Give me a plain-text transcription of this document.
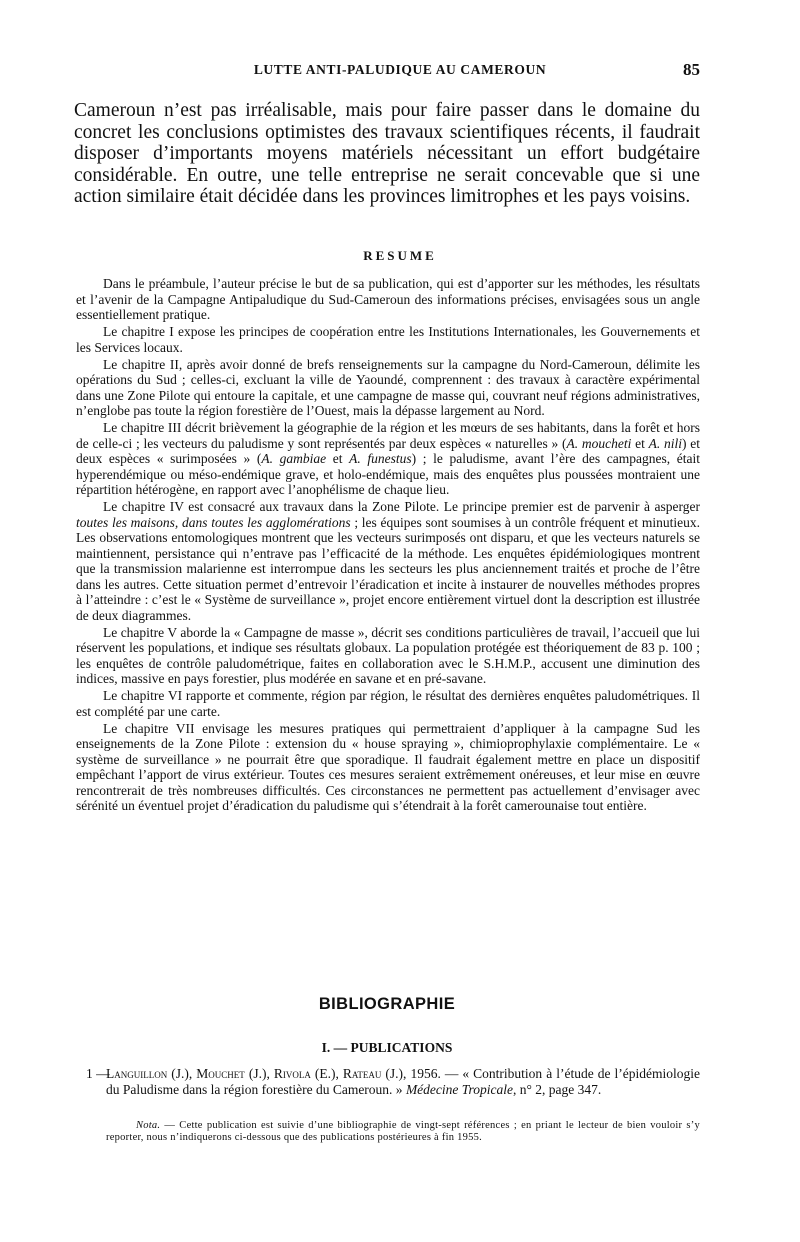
LUTTE ANTI-PALUDIQUE AU CAMEROUN	85

Cameroun n’est pas irréalisable, mais pour faire passer dans le domaine du concret les conclusions optimistes des travaux scientifiques récents, il faudrait disposer d’importants moyens matériels nécessitant un effort budgétaire considérable. En outre, une telle entreprise ne serait concevable que si une action similaire était décidée dans les provinces limitrophes et les pays voisins.

RESUME

Dans le préambule, l’auteur précise le but de sa publication, qui est d’apporter sur les méthodes, les résultats et l’avenir de la Campagne Antipaludique du Sud-Cameroun des informations précises, envisagées sous un angle essentiellement pratique.

Le chapitre I expose les principes de coopération entre les Institutions Internationales, les Gouvernements et les Services locaux.

Le chapitre II, après avoir donné de brefs renseignements sur la campagne du Nord-Cameroun, délimite les opérations du Sud ; celles-ci, excluant la ville de Yaoundé, comprennent : des travaux à caractère expérimental dans une Zone Pilote qui entoure la capitale, et une campagne de masse qui, couvrant neuf régions administratives, n’englobe pas toute la région forestière de l’Ouest, mais la dépasse largement au Nord.

Le chapitre III décrit brièvement la géographie de la région et les mœurs de ses habitants, dans la forêt et hors de celle-ci ; les vecteurs du paludisme y sont représentés par deux espèces « naturelles » (A. moucheti et A. nili) et deux espèces « surimposées » (A. gambiae et A. funestus) ; le paludisme, avant l’ère des campagnes, était hyperendémique ou méso-endémique grave, et holo-endémique, mais des enquêtes plus poussées montraient une répartition hétérogène, en rapport avec l’anophélisme de chaque lieu.

Le chapitre IV est consacré aux travaux dans la Zone Pilote. Le principe premier est de parvenir à asperger toutes les maisons, dans toutes les agglomérations ; les équipes sont soumises à un contrôle fréquent et minutieux. Les observations entomologiques montrent que les vecteurs surimposés ont disparu, et que les vecteurs naturels se maintiennent, persistance qui n’entrave pas l’efficacité de la méthode. Les enquêtes épidémiologiques montrent que la transmission malarienne est interrompue dans les secteurs les plus anciennement traités et proche de l’être dans les autres. Cette situation permet d’entrevoir l’éradication et incite à instaurer de nouvelles méthodes propres à l’atteindre : c’est le « Système de surveillance », projet encore entièrement virtuel dont la description est illustrée de deux diagrammes.

Le chapitre V aborde la « Campagne de masse », décrit ses conditions particulières de travail, l’accueil que lui réservent les populations, et indique ses résultats globaux. La population protégée est théoriquement de 83 p. 100 ; les enquêtes de contrôle paludométrique, faites en collaboration avec le S.H.M.P., accusent une diminution des indices, massive en pays forestier, plus modérée en savane et en pré-savane.

Le chapitre VI rapporte et commente, région par région, le résultat des dernières enquêtes paludométriques. Il est complété par une carte.

Le chapitre VII envisage les mesures pratiques qui permettraient d’appliquer à la campagne Sud les enseignements de la Zone Pilote : extension du « house spraying », chimioprophylaxie complémentaire. Le « système de surveillance » ne pourrait être que sporadique. Il faudrait également mettre en place un dispositif empêchant l’apport de virus extérieur. Toutes ces mesures seraient extrêmement onéreuses, et leur mise en œuvre rencontrerait de très nombreuses difficultés. Ces circonstances ne permettent pas actuellement d’envisager avec sérénité un éventuel projet d’éradication du paludisme qui s’étendrait à la forêt camerounaise tout entière.

BIBLIOGRAPHIE
I. — PUBLICATIONS
1 —
Languillon (J.), Mouchet (J.), Rivola (E.), Rateau (J.), 1956. — « Contribution à l’étude de l’épidémiologie du Paludisme dans la région forestière du Cameroun. » Médecine Tropicale, n° 2, page 347.

Nota. — Cette publication est suivie d’une bibliographie de vingt-sept références ; en priant le lecteur de bien vouloir s’y reporter, nous n’indiquerons ci-dessous que des publications postérieures à fin 1955.
